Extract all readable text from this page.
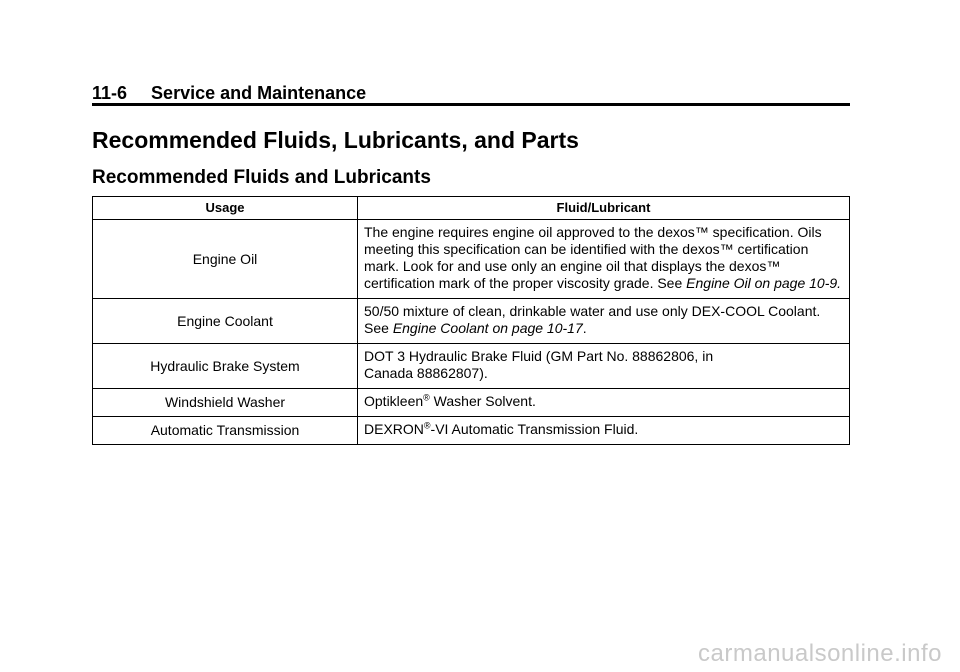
11-6 Service and Maintenance
Recommended Fluids, Lubricants, and Parts
Recommended Fluids and Lubricants
Usage	Fluid/Lubricant
Engine Oil	The engine requires engine oil approved to the dexos™ specification. Oils meeting this specification can be identified with the dexos™ certification mark. Look for and use only an engine oil that displays the dexos™ certification mark of the proper viscosity grade. See Engine Oil on page 10-9.
Engine Coolant	50/50 mixture of clean, drinkable water and use only DEX-COOL Coolant. See Engine Coolant on page 10-17.
Hydraulic Brake System	DOT 3 Hydraulic Brake Fluid (GM Part No. 88862806, in
Canada 88862807).
Windshield Washer	Optikleen® Washer Solvent.
Automatic Transmission	DEXRON®-VI Automatic Transmission Fluid.
carmanualsonline.info
